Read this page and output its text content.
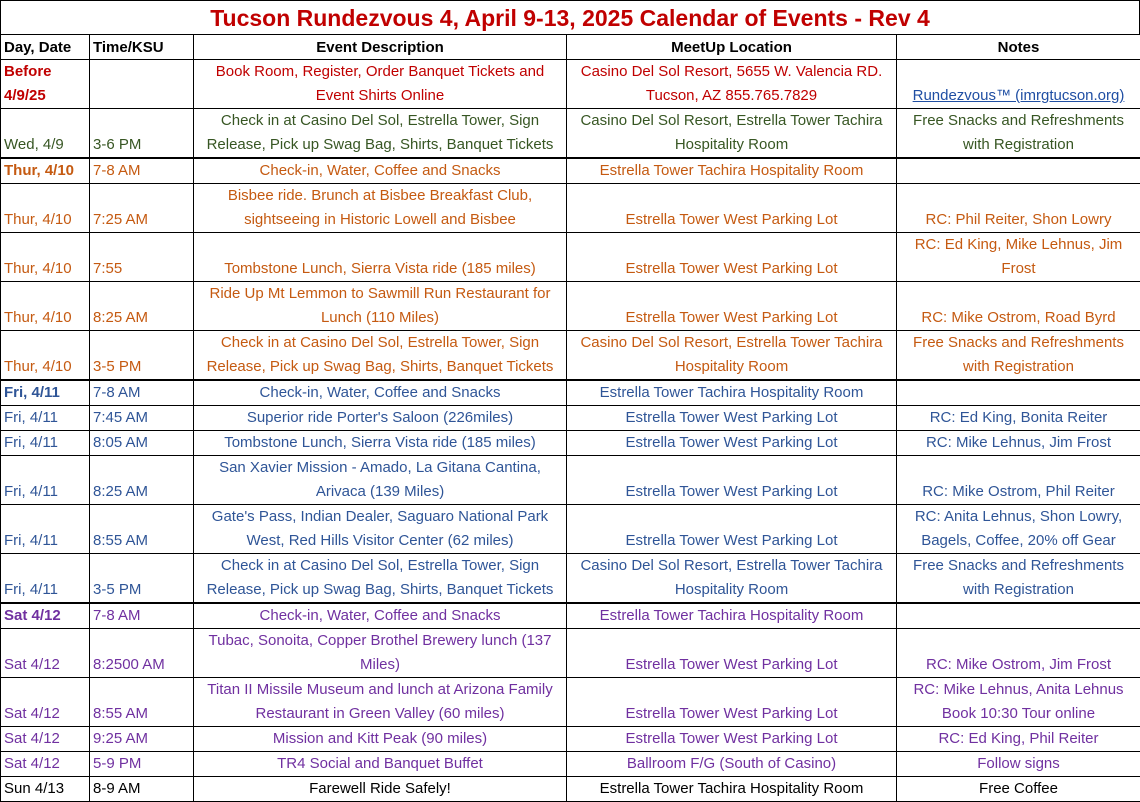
Tucson Rundezvous 4, April 9-13, 2025 Calendar of Events - Rev 4
Day, Date	Time/KSU	Event Description	MeetUp Location	Notes
Before 4/9/25		Book Room, Register, Order Banquet Tickets and Event Shirts Online	Casino Del Sol Resort, 5655 W. Valencia RD. Tucson, AZ 855.765.7829	Rundezvous™ (imrgtucson.org)
Wed, 4/9	3-6 PM	Check in at Casino Del Sol, Estrella Tower, Sign Release, Pick up Swag Bag, Shirts, Banquet Tickets	Casino Del Sol Resort, Estrella Tower Tachira Hospitality Room	Free Snacks and Refreshments with Registration
Thur, 4/10	7-8 AM	Check-in, Water, Coffee and Snacks	Estrella Tower Tachira Hospitality Room	
Thur, 4/10	7:25 AM	Bisbee ride. Brunch at Bisbee Breakfast Club, sightseeing in Historic Lowell and Bisbee	Estrella Tower West Parking Lot	RC: Phil Reiter, Shon Lowry
Thur, 4/10	7:55	Tombstone Lunch, Sierra Vista ride (185 miles)	Estrella Tower West Parking Lot	RC: Ed King, Mike Lehnus, Jim Frost
Thur, 4/10	8:25 AM	Ride Up Mt Lemmon to Sawmill Run Restaurant for Lunch (110 Miles)	Estrella Tower West Parking Lot	RC: Mike Ostrom, Road Byrd
Thur, 4/10	3-5 PM	Check in at Casino Del Sol, Estrella Tower, Sign Release, Pick up Swag Bag, Shirts, Banquet Tickets	Casino Del Sol Resort, Estrella Tower Tachira Hospitality Room	Free Snacks and Refreshments with Registration
Fri, 4/11	7-8 AM	Check-in, Water, Coffee and Snacks	Estrella Tower Tachira Hospitality Room	
Fri, 4/11	7:45 AM	Superior ride Porter's Saloon (226miles)	Estrella Tower West Parking Lot	RC: Ed King, Bonita Reiter
Fri, 4/11	8:05 AM	Tombstone Lunch, Sierra Vista ride (185 miles)	Estrella Tower West Parking Lot	RC: Mike Lehnus, Jim Frost
Fri, 4/11	8:25 AM	San Xavier Mission - Amado, La Gitana Cantina, Arivaca (139 Miles)	Estrella Tower West Parking Lot	RC: Mike Ostrom, Phil Reiter
Fri, 4/11	8:55 AM	Gate's Pass, Indian Dealer, Saguaro National Park West, Red Hills Visitor Center (62 miles)	Estrella Tower West Parking Lot	RC: Anita Lehnus, Shon Lowry, Bagels, Coffee, 20% off Gear
Fri, 4/11	3-5 PM	Check in at Casino Del Sol, Estrella Tower, Sign Release, Pick up Swag Bag, Shirts, Banquet Tickets	Casino Del Sol Resort, Estrella Tower Tachira Hospitality Room	Free Snacks and Refreshments with Registration
Sat 4/12	7-8 AM	Check-in, Water, Coffee and Snacks	Estrella Tower Tachira Hospitality Room	
Sat 4/12	8:2500 AM	Tubac, Sonoita, Copper Brothel Brewery lunch (137 Miles)	Estrella Tower West Parking Lot	RC: Mike Ostrom, Jim Frost
Sat 4/12	8:55 AM	Titan II Missile Museum and lunch at Arizona Family Restaurant in Green Valley (60 miles)	Estrella Tower West Parking Lot	RC: Mike Lehnus, Anita Lehnus Book 10:30 Tour online
Sat 4/12	9:25 AM	Mission and Kitt Peak (90 miles)	Estrella Tower West Parking Lot	RC: Ed King, Phil Reiter
Sat 4/12	5-9 PM	TR4 Social and Banquet Buffet	Ballroom F/G (South of Casino)	Follow signs
Sun 4/13	8-9 AM	Farewell Ride Safely!	Estrella Tower Tachira Hospitality Room	Free Coffee
